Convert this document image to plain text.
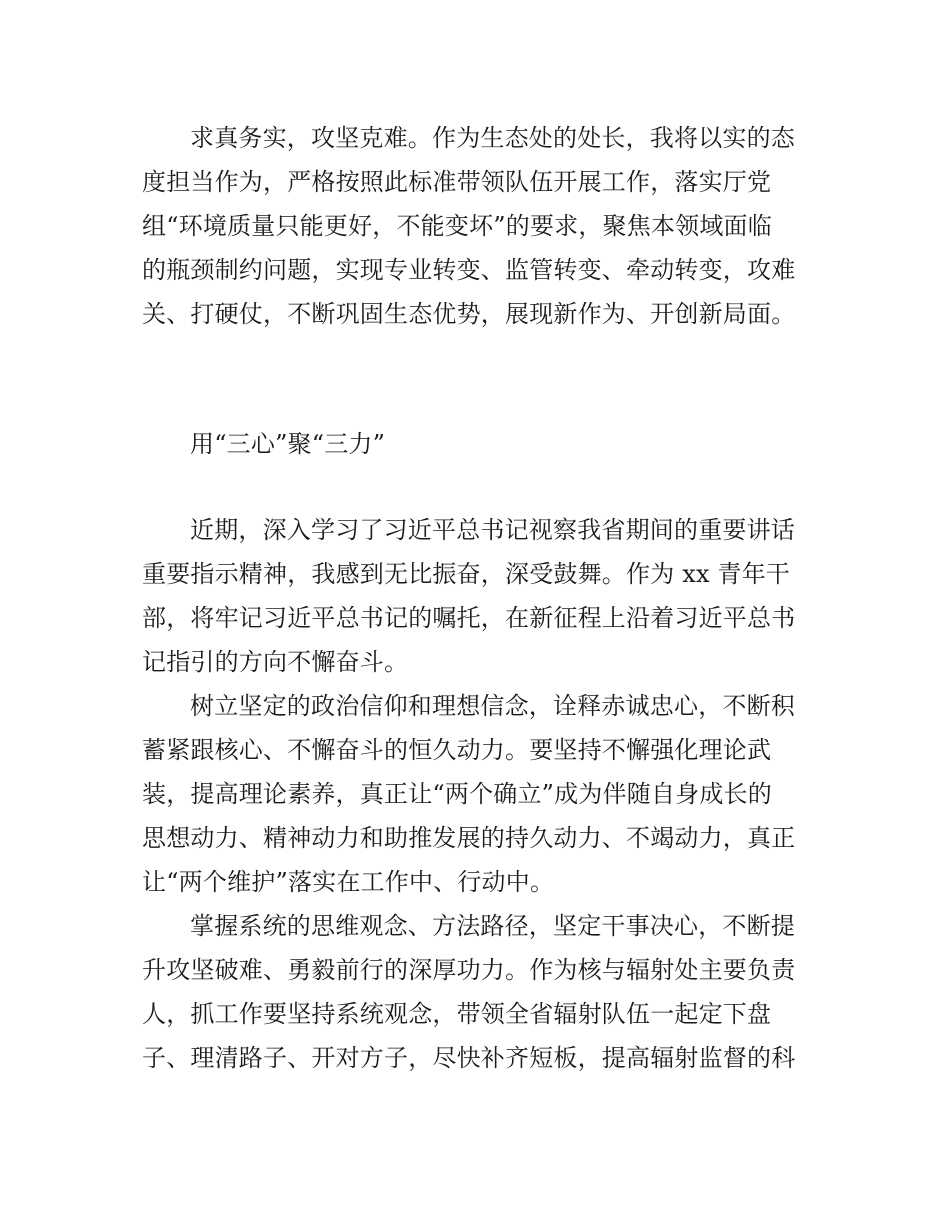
求真务实，攻坚克难。作为生态处的处长，我将以实的态

度担当作为，严格按照此标准带领队伍开展工作，落实厅党

组“环境质量只能更好，不能变坏”的要求，聚焦本领域面临

的瓶颈制约问题，实现专业转变、监管转变、牵动转变，攻难

关、打硬仗，不断巩固生态优势，展现新作为、开创新局面。

用“三心”聚“三力”

近期，深入学习了习近平总书记视察我省期间的重要讲话

重要指示精神，我感到无比振奋，深受鼓舞。作为 xx 青年干

部，将牢记习近平总书记的嘱托，在新征程上沿着习近平总书

记指引的方向不懈奋斗。

树立坚定的政治信仰和理想信念，诠释赤诚忠心，不断积

蓄紧跟核心、不懈奋斗的恒久动力。要坚持不懈强化理论武

装，提高理论素养，真正让“两个确立”成为伴随自身成长的

思想动力、精神动力和助推发展的持久动力、不竭动力，真正

让“两个维护”落实在工作中、行动中。

掌握系统的思维观念、方法路径，坚定干事决心，不断提

升攻坚破难、勇毅前行的深厚功力。作为核与辐射处主要负责

人，抓工作要坚持系统观念，带领全省辐射队伍一起定下盘

子、理清路子、开对方子，尽快补齐短板，提高辐射监督的科
